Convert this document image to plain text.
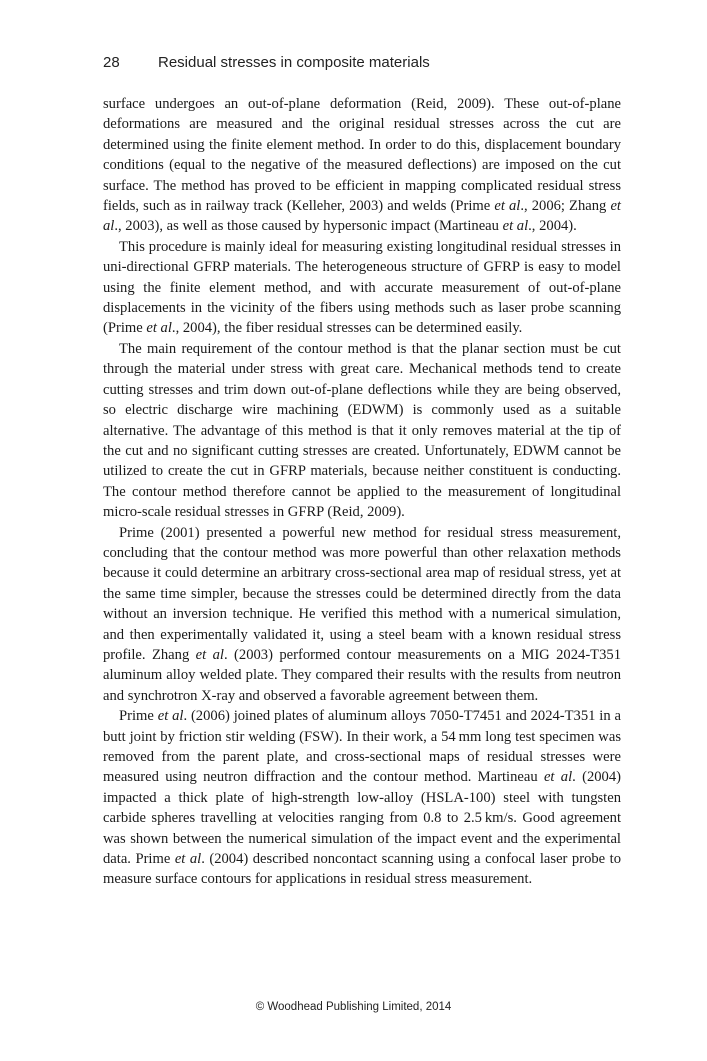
28	Residual stresses in composite materials

surface undergoes an out-of-plane deformation (Reid, 2009). These out-of-plane deformations are measured and the original residual stresses across the cut are determined using the finite element method. In order to do this, displacement boundary conditions (equal to the negative of the measured deflections) are imposed on the cut surface. The method has proved to be efficient in mapping complicated residual stress fields, such as in railway track (Kelleher, 2003) and welds (Prime et al., 2006; Zhang et al., 2003), as well as those caused by hypersonic impact (Martineau et al., 2004).

This procedure is mainly ideal for measuring existing longitudinal residual stresses in uni-directional GFRP materials. The heterogeneous structure of GFRP is easy to model using the finite element method, and with accurate measurement of out-of-plane displacements in the vicinity of the fibers using methods such as laser probe scanning (Prime et al., 2004), the fiber residual stresses can be determined easily.

The main requirement of the contour method is that the planar section must be cut through the material under stress with great care. Mechanical methods tend to create cutting stresses and trim down out-of-plane deflections while they are being observed, so electric discharge wire machining (EDWM) is commonly used as a suitable alternative. The advantage of this method is that it only removes material at the tip of the cut and no significant cutting stresses are created. Unfortunately, EDWM cannot be utilized to create the cut in GFRP materials, because neither constituent is conducting. The contour method therefore cannot be applied to the measurement of longitudinal micro-scale residual stresses in GFRP (Reid, 2009).

Prime (2001) presented a powerful new method for residual stress measurement, concluding that the contour method was more powerful than other relaxation methods because it could determine an arbitrary cross-sectional area map of residual stress, yet at the same time simpler, because the stresses could be determined directly from the data without an inversion technique. He verified this method with a numerical simulation, and then experimentally validated it, using a steel beam with a known residual stress profile. Zhang et al. (2003) performed contour measurements on a MIG 2024-T351 aluminum alloy welded plate. They compared their results with the results from neutron and synchrotron X-ray and observed a favorable agreement between them.

Prime et al. (2006) joined plates of aluminum alloys 7050-T7451 and 2024-T351 in a butt joint by friction stir welding (FSW). In their work, a 54 mm long test specimen was removed from the parent plate, and cross-sectional maps of residual stresses were measured using neutron diffraction and the contour method. Martineau et al. (2004) impacted a thick plate of high-strength low-alloy (HSLA-100) steel with tungsten carbide spheres travelling at velocities ranging from 0.8 to 2.5 km/s. Good agreement was shown between the numerical simulation of the impact event and the experimental data. Prime et al. (2004) described noncontact scanning using a confocal laser probe to measure surface contours for applications in residual stress measurement.

© Woodhead Publishing Limited, 2014
